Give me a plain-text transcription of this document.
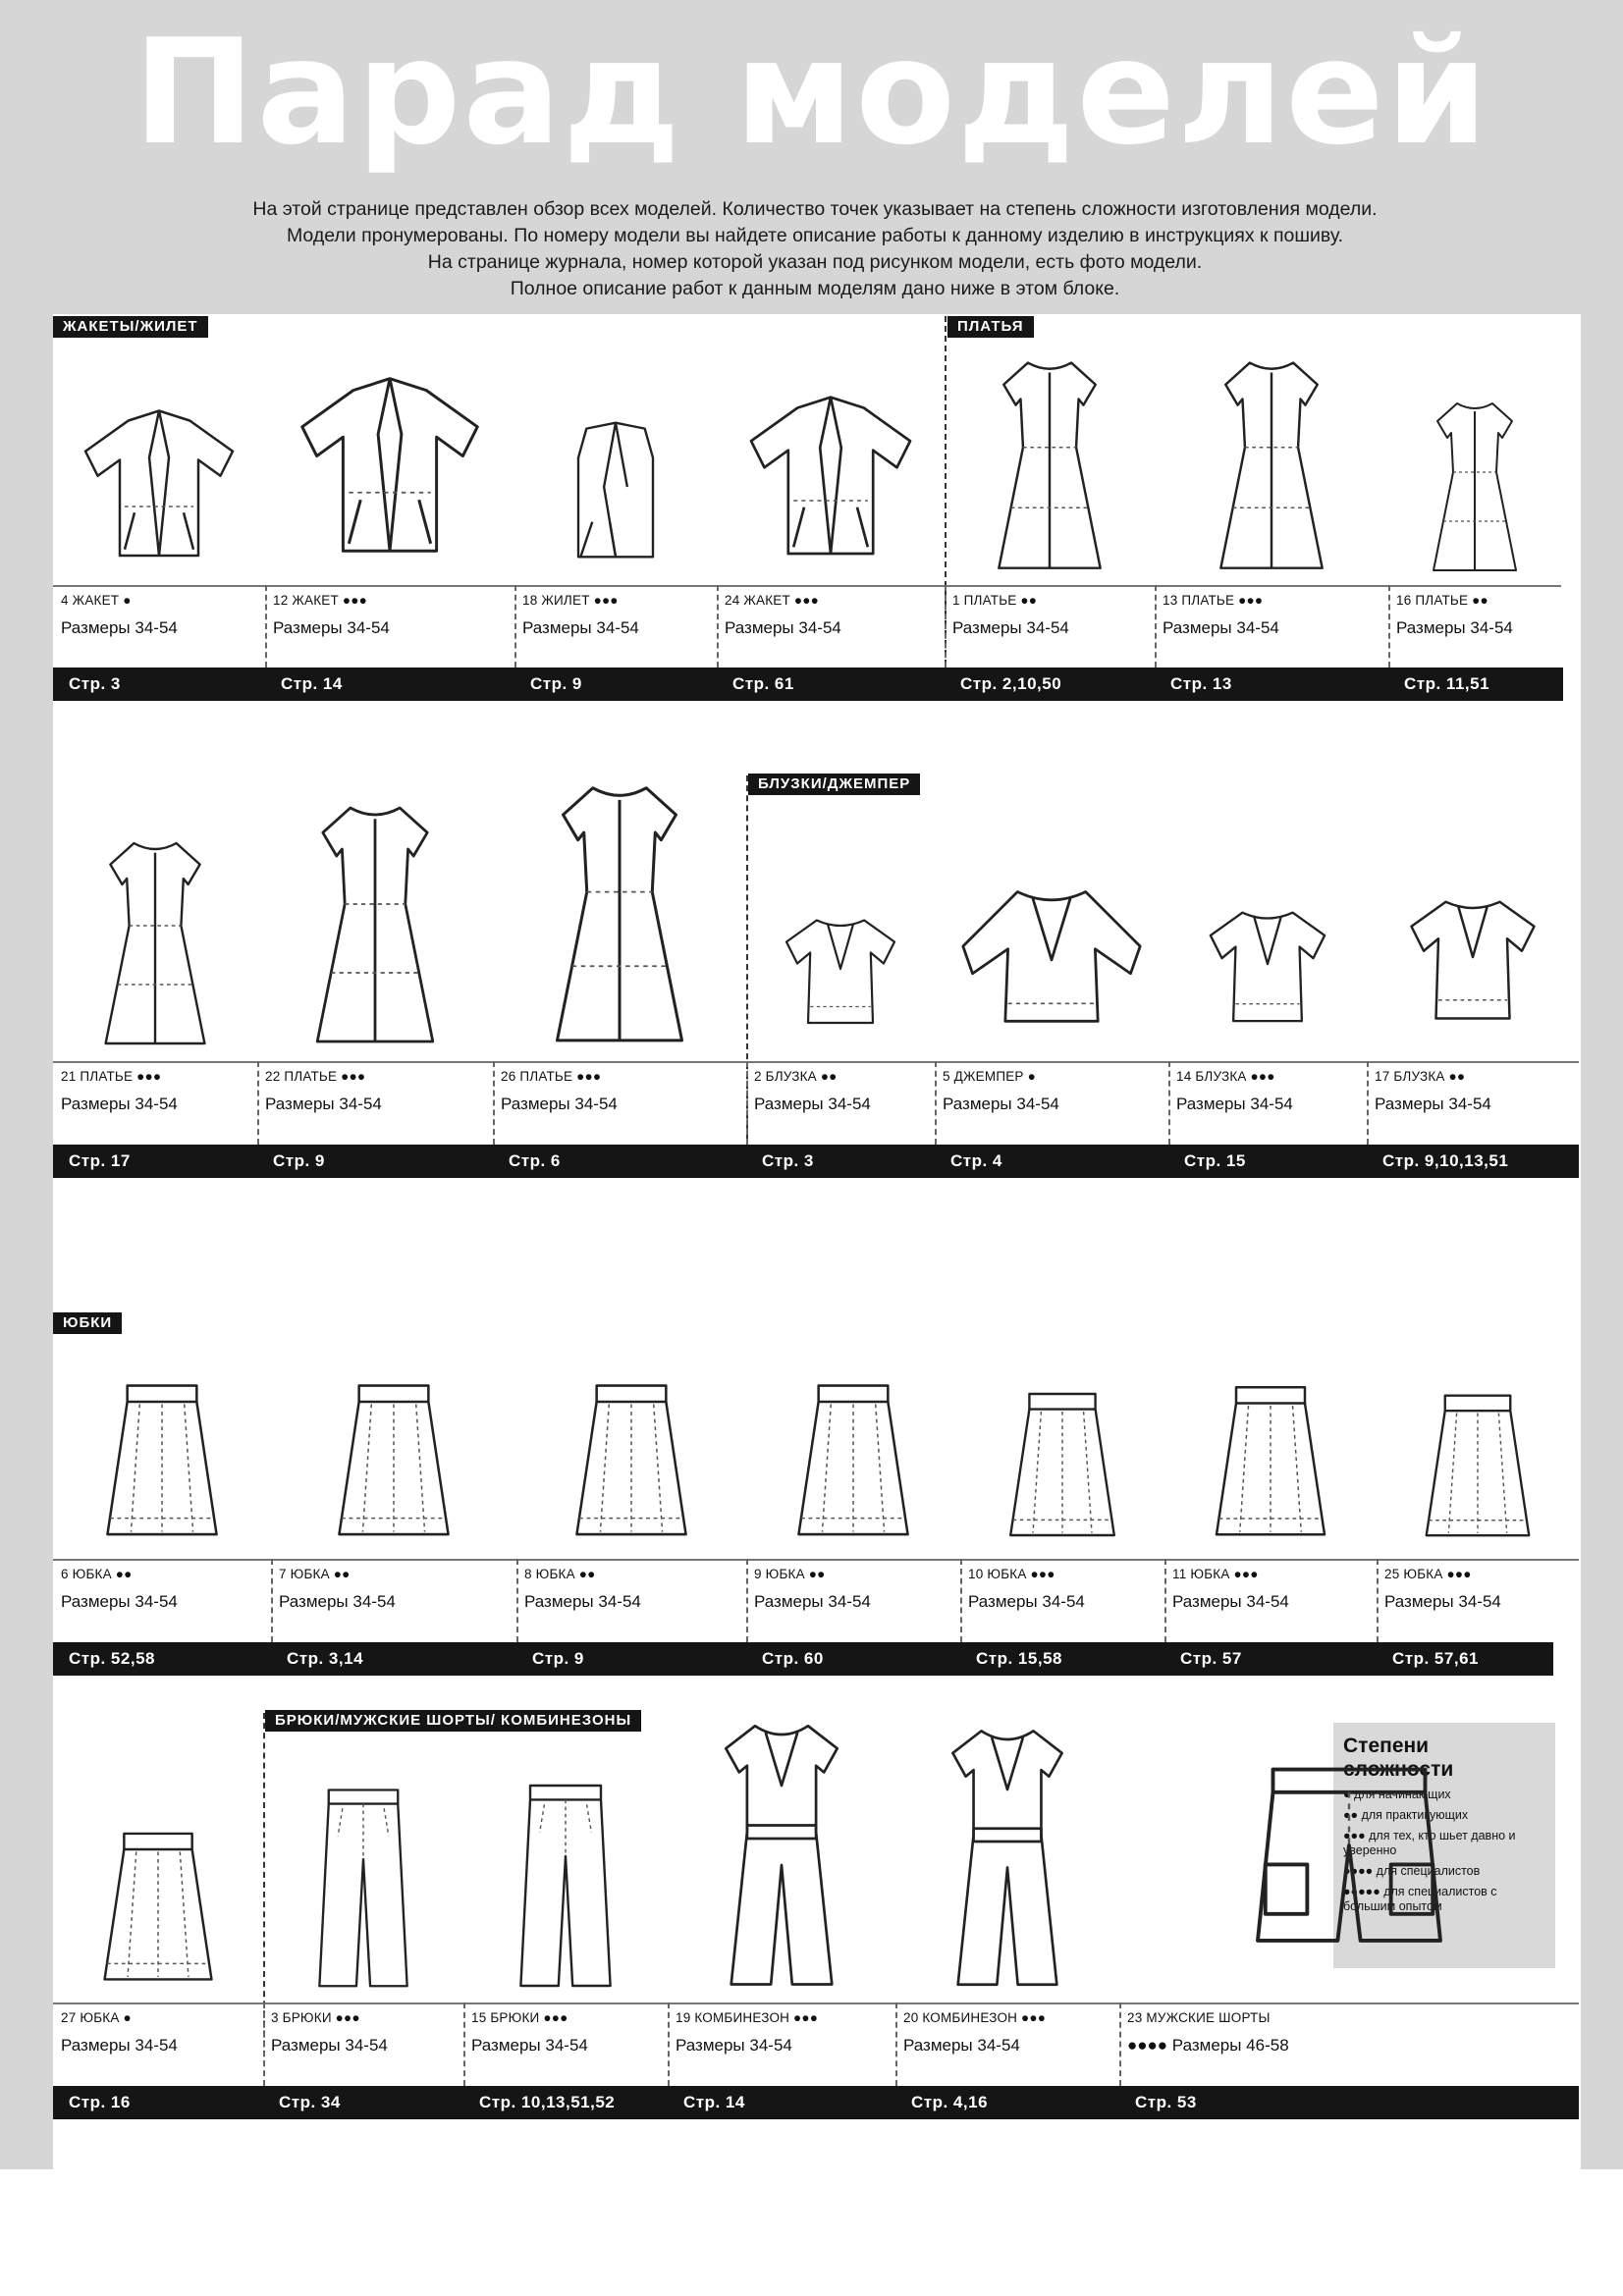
Парад моделей
На этой странице представлен обзор всех моделей. Количество точек указывает на степень сложности изготовления модели.
Модели пронумерованы. По номеру модели вы найдете описание работы к данному изделию в инструкциях к пошиву.
На странице журнала, номер которой указан под рисунком модели, есть фото модели.
Полное описание работ к данным моделям дано ниже в этом блоке.
ЖАКЕТЫ/ЖИЛЕТ	ПЛАТЬЯ
БЛУЗКИ/ДЖЕМПЕР
ЮБКИ
БРЮКИ/МУЖСКИЕ ШОРТЫ/ КОМБИНЕЗОНЫ
Степени
сложности
● для начинающих
●● для практикующих
●●● для тех, кто шьет давно и уверенно
●●●● для специалистов
●●●●● для специалистов с большим опытом
Стр. 3	Стр. 14	Стр. 9	Стр. 61	Стр. 2,10,50	Стр. 13	Стр. 11,51
4 ЖАКЕТ ●
Размеры 34-54
12 ЖАКЕТ ●●●
Размеры 34-54
18 ЖИЛЕТ ●●●
Размеры 34-54
24 ЖАКЕТ ●●●
Размеры 34-54
1 ПЛАТЬЕ ●●
Размеры 34-54
13 ПЛАТЬЕ ●●●
Размеры 34-54
16 ПЛАТЬЕ ●●
Размеры 34-54
Стр. 17	Стр. 9	Стр. 6	Стр. 3	Стр. 4	Стр. 15	Стр. 9,10,13,51
21 ПЛАТЬЕ ●●●
Размеры 34-54
22 ПЛАТЬЕ ●●●
Размеры 34-54
26 ПЛАТЬЕ ●●●
Размеры 34-54
2 БЛУЗКА ●●
Размеры 34-54
5 ДЖЕМПЕР ●
Размеры 34-54
14 БЛУЗКА ●●●
Размеры 34-54
17 БЛУЗКА ●●
Размеры 34-54
Стр. 52,58	Стр. 3,14	Стр. 9	Стр. 60	Стр. 15,58	Стр. 57	Стр. 57,61
6 ЮБКА ●●
Размеры 34-54
7 ЮБКА ●●
Размеры 34-54
8 ЮБКА ●●
Размеры 34-54
9 ЮБКА ●●
Размеры 34-54
10 ЮБКА ●●●
Размеры 34-54
11 ЮБКА ●●●
Размеры 34-54
25 ЮБКА ●●●
Размеры 34-54
Стр. 16	Стр. 34	Стр. 10,13,51,52	Стр. 14	Стр. 4,16	Стр. 53
27 ЮБКА ●
Размеры 34-54
3 БРЮКИ ●●●
Размеры 34-54
15 БРЮКИ ●●●
Размеры 34-54
19 КОМБИНЕЗОН ●●●
Размеры 34-54
20 КОМБИНЕЗОН ●●●
Размеры 34-54
23 МУЖСКИЕ ШОРТЫ
●●●● Размеры 46-58
